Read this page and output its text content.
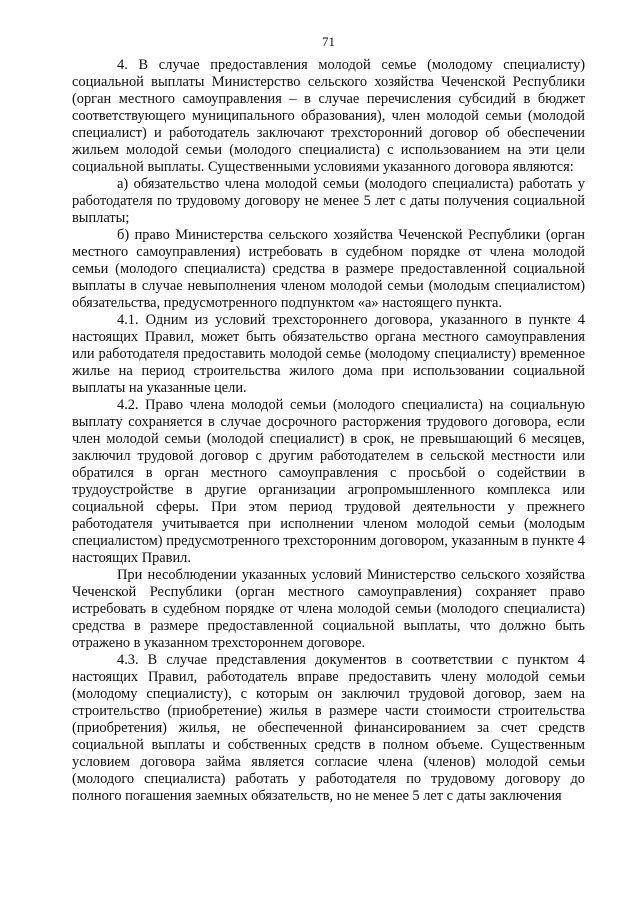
71

4. В случае предоставления молодой семье (молодому специалисту) социальной выплаты Министерство сельского хозяйства Чеченской Республики (орган местного самоуправления – в случае перечисления субсидий в бюджет соответствующего муниципального образования), член молодой семьи (молодой специалист) и работодатель заключают трехсторонний договор об обеспечении жильем молодой семьи (молодого специалиста) с использованием на эти цели социальной выплаты. Существенными условиями указанного договора являются:

а) обязательство члена молодой семьи (молодого специалиста) работать у работодателя по трудовому договору не менее 5 лет с даты получения социальной выплаты;

б) право Министерства сельского хозяйства Чеченской Республики (орган местного самоуправления) истребовать в судебном порядке от члена молодой семьи (молодого специалиста) средства в размере предоставленной социальной выплаты в случае невыполнения членом молодой семьи (молодым специалистом) обязательства, предусмотренного подпунктом «а» настоящего пункта.

4.1. Одним из условий трехстороннего договора, указанного в пункте 4 настоящих Правил, может быть обязательство органа местного самоуправления или работодателя предоставить молодой семье (молодому специалисту) временное жилье на период строительства жилого дома при использовании социальной выплаты на указанные цели.

4.2. Право члена молодой семьи (молодого специалиста) на социальную выплату сохраняется в случае досрочного расторжения трудового договора, если член молодой семьи (молодой специалист) в срок, не превышающий 6 месяцев, заключил трудовой договор с другим работодателем в сельской местности или обратился в орган местного самоуправления с просьбой о содействии в трудоустройстве в другие организации агропромышленного комплекса или социальной сферы. При этом период трудовой деятельности у прежнего работодателя учитывается при исполнении членом молодой семьи (молодым специалистом) предусмотренного трехсторонним договором, указанным в пункте 4 настоящих Правил.

При несоблюдении указанных условий Министерство сельского хозяйства Чеченской Республики (орган местного самоуправления) сохраняет право истребовать в судебном порядке от члена молодой семьи (молодого специалиста) средства в размере предоставленной социальной выплаты, что должно быть отражено в указанном трехстороннем договоре.

4.3. В случае представления документов в соответствии с пунктом 4 настоящих Правил, работодатель вправе предоставить члену молодой семьи (молодому специалисту), с которым он заключил трудовой договор, заем на строительство (приобретение) жилья в размере части стоимости строительства (приобретения) жилья, не обеспеченной финансированием за счет средств социальной выплаты и собственных средств в полном объеме. Существенным условием договора займа является согласие члена (членов) молодой семьи (молодого специалиста) работать у работодателя по трудовому договору до полного погашения заемных обязательств, но не менее 5 лет с даты заключения
